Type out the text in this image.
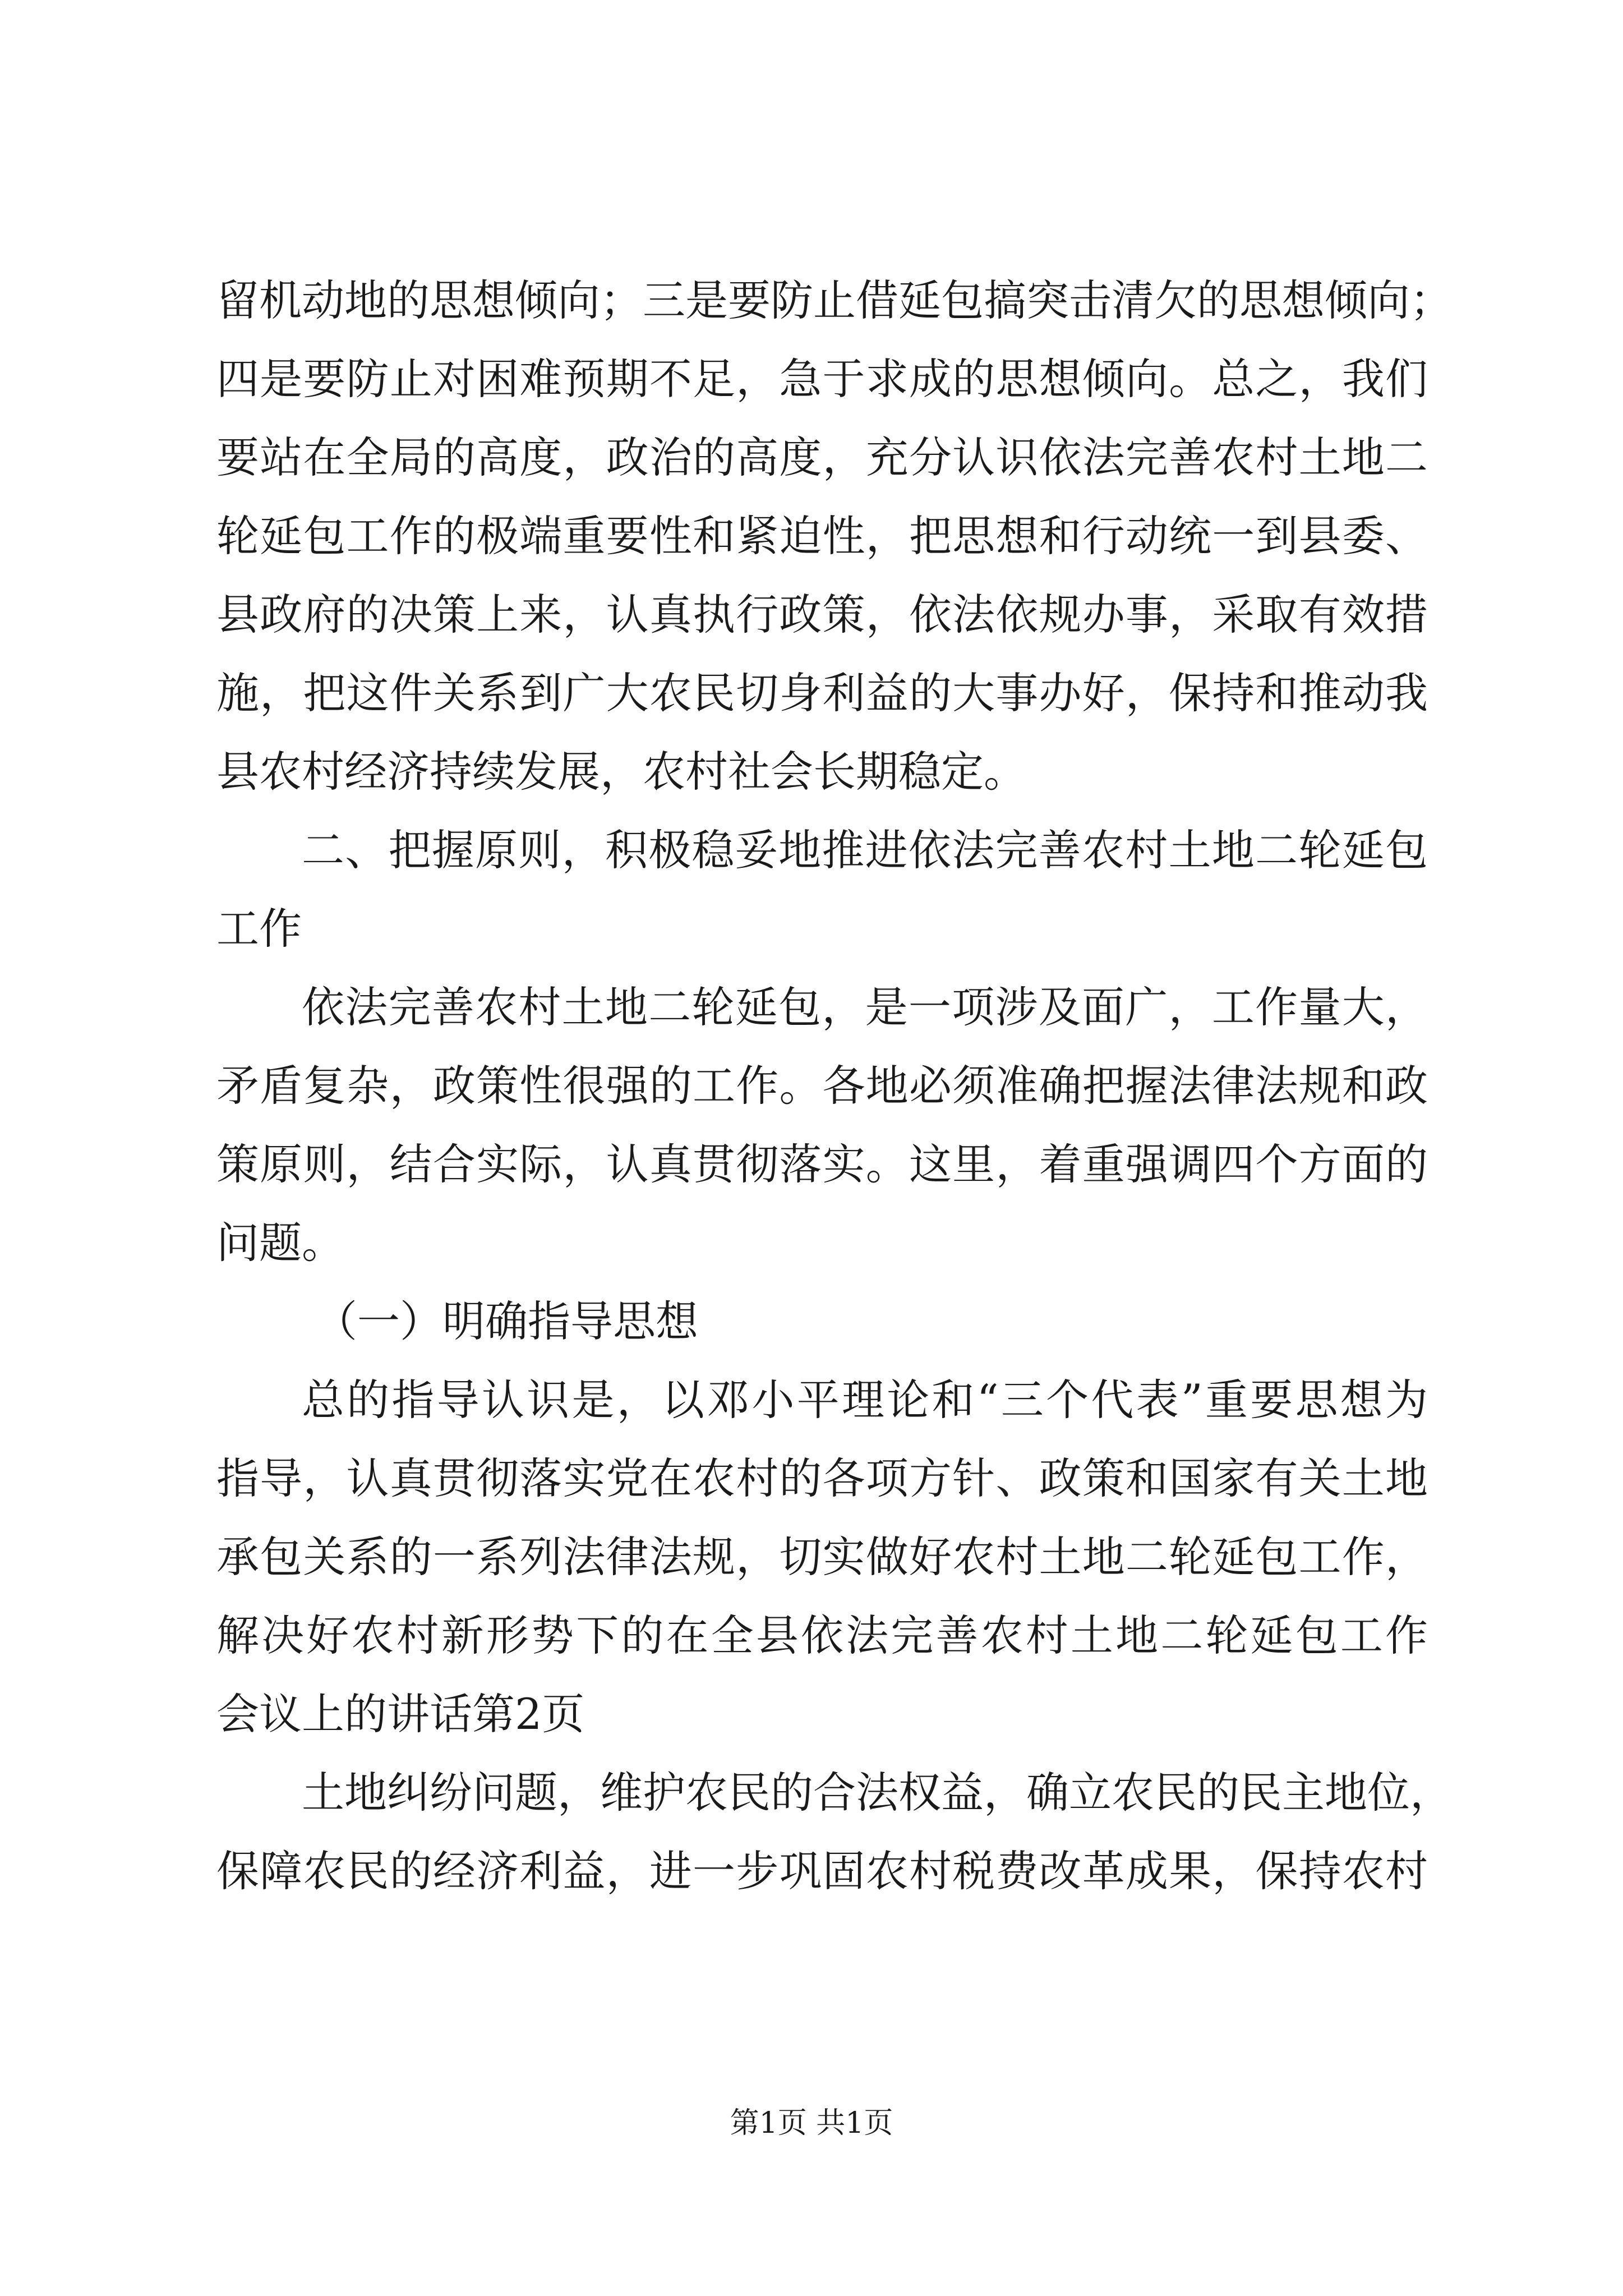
留机动地的思想倾向；三是要防止借延包搞突击清欠的思想倾向；
四是要防止对困难预期不足，急于求成的思想倾向。总之，我们
要站在全局的高度，政治的高度，充分认识依法完善农村土地二
轮延包工作的极端重要性和紧迫性，把思想和行动统一到县委、
县政府的决策上来，认真执行政策，依法依规办事，采取有效措
施，把这件关系到广大农民切身利益的大事办好，保持和推动我
县农村经济持续发展，农村社会长期稳定。
二、把握原则，积极稳妥地推进依法完善农村土地二轮延包
工作
依法完善农村土地二轮延包，是一项涉及面广，工作量大，
矛盾复杂，政策性很强的工作。各地必须准确把握法律法规和政
策原则，结合实际，认真贯彻落实。这里，着重强调四个方面的
问题。
（一）明确指导思想
总的指导认识是，以邓小平理论和“三个代表”重要思想为
指导，认真贯彻落实党在农村的各项方针、政策和国家有关土地
承包关系的一系列法律法规，切实做好农村土地二轮延包工作，
解决好农村新形势下的在全县依法完善农村土地二轮延包工作
会议上的讲话第2页
土地纠纷问题，维护农民的合法权益，确立农民的民主地位，
保障农民的经济利益，进一步巩固农村税费改革成果，保持农村
第1页 共1页
